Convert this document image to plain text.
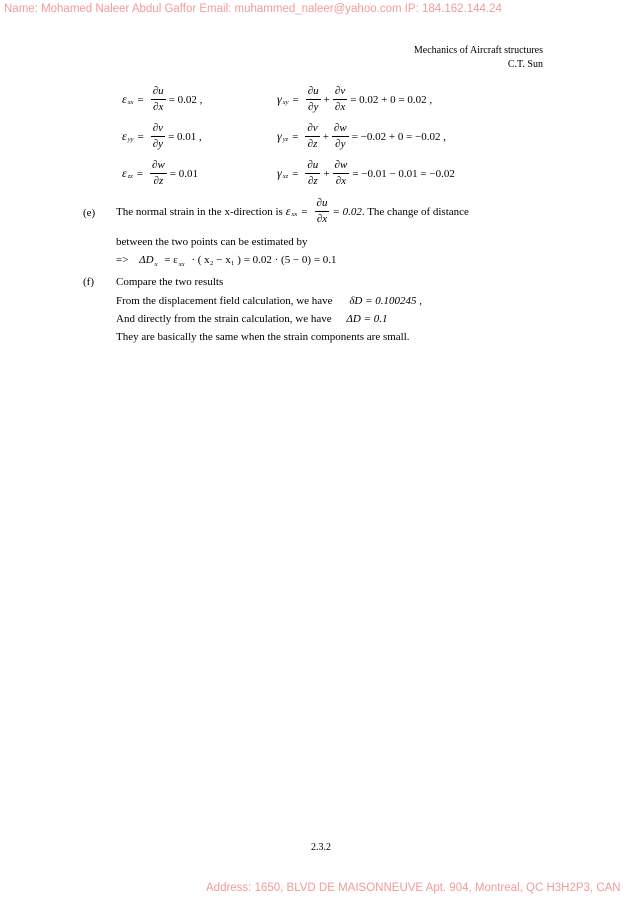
Name: Mohamed Naleer Abdul Gaffor Email: muhammed_naleer@yahoo.com IP: 184.162.144.24
Address: 1650, BLVD DE MAISONNEUVE Apt. 904, Montreal, QC H3H2P3, CAN
Mechanics of Aircraft structures
C.T. Sun
ε xx = $\frac{\partial u}{\partial x} = 0.02$ ,
ε yy = $\frac{\partial v}{\partial y} = 0.01$ ,
ε zz = $\frac{\partial w}{\partial z} = 0.01$
γ xy = $\frac{\partial u}{\partial y} + \frac{\partial v}{\partial x} = 0.02 + 0 = 0.02$ ,
γ yz = $\frac{\partial v}{\partial z} + \frac{\partial w}{\partial y} = -0.02 + 0 = -0.02$ ,
γ xz = $\frac{\partial u}{\partial z} + \frac{\partial w}{\partial x} = -0.01 - 0.01 = -0.02$
(e) The normal strain in the x-direction is ε xx = $\frac{\partial u}{\partial x} = 0.02$ . The change of distance
between the two points can be estimated by
=> $\Delta D_x = \varepsilon_{xx}$ · ( x₂ − x₁ ) = 0.02 · (5 − 0) = 0.1
(f) Compare the two results
From the displacement field calculation, we have δD = 0.100245 ,
And directly from the strain calculation, we have ΔD = 0.1
They are basically the same when the strain components are small.
2.3.2
